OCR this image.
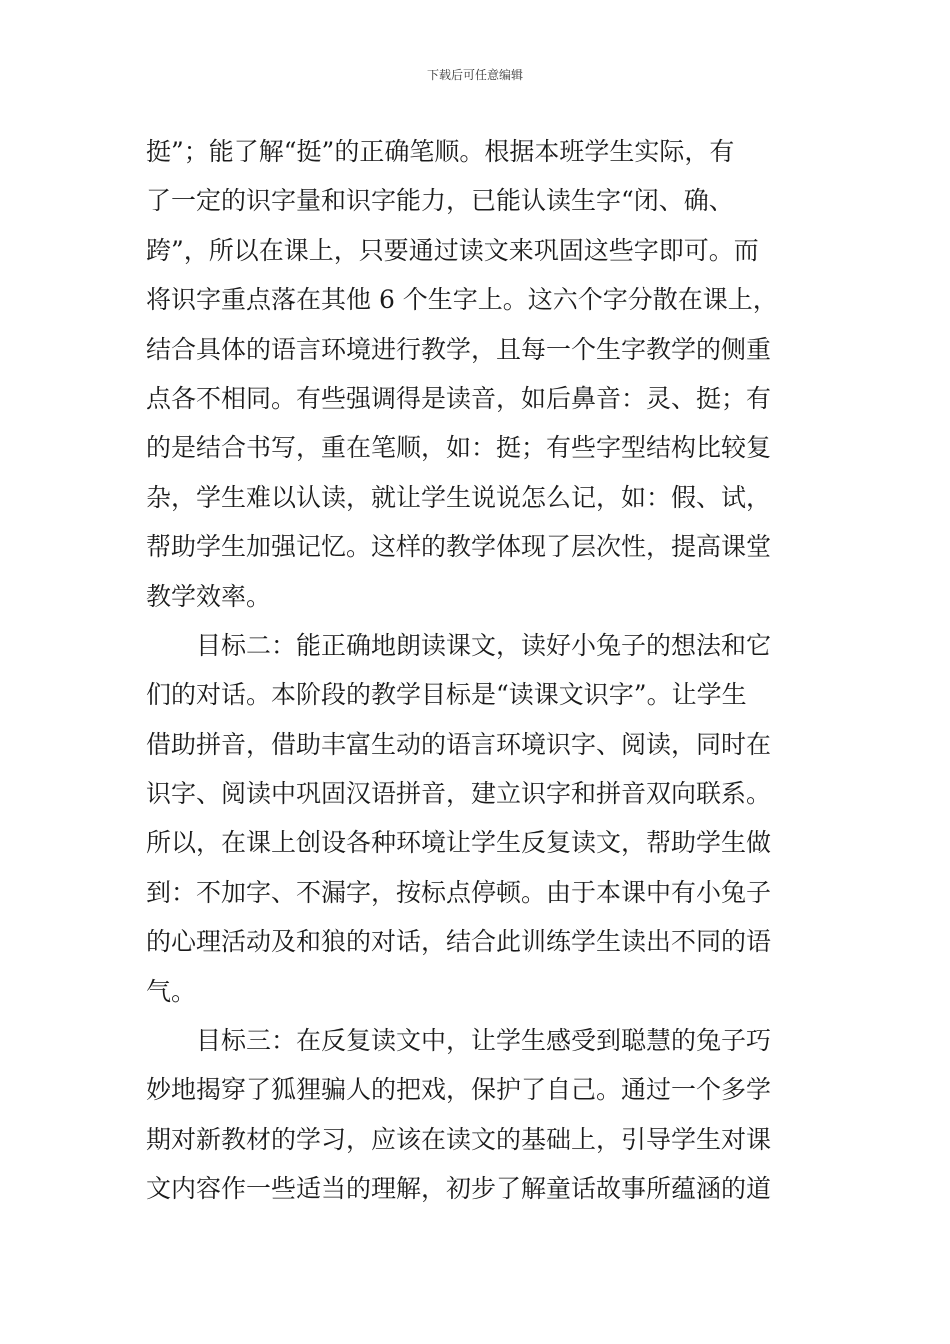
下载后可任意编辑
挺”；能了解“挺”的正确笔顺。根据本班学生实际，有
了一定的识字量和识字能力，已能认读生字“闭、确、
跨”，所以在课上，只要通过读文来巩固这些字即可。而
将识字重点落在其他 6 个生字上。这六个字分散在课上，
结合具体的语言环境进行教学，且每一个生字教学的侧重
点各不相同。有些强调得是读音，如后鼻音：灵、挺；有
的是结合书写，重在笔顺，如：挺；有些字型结构比较复
杂，学生难以认读，就让学生说说怎么记，如：假、试，
帮助学生加强记忆。这样的教学体现了层次性，提高课堂
教学效率。
　　目标二：能正确地朗读课文，读好小兔子的想法和它
们的对话。本阶段的教学目标是“读课文识字”。让学生
借助拼音，借助丰富生动的语言环境识字、阅读，同时在
识字、阅读中巩固汉语拼音，建立识字和拼音双向联系。
所以，在课上创设各种环境让学生反复读文，帮助学生做
到：不加字、不漏字，按标点停顿。由于本课中有小兔子
的心理活动及和狼的对话，结合此训练学生读出不同的语
气。
　　目标三：在反复读文中，让学生感受到聪慧的兔子巧
妙地揭穿了狐狸骗人的把戏，保护了自己。通过一个多学
期对新教材的学习，应该在读文的基础上，引导学生对课
文内容作一些适当的理解，初步了解童话故事所蕴涵的道
